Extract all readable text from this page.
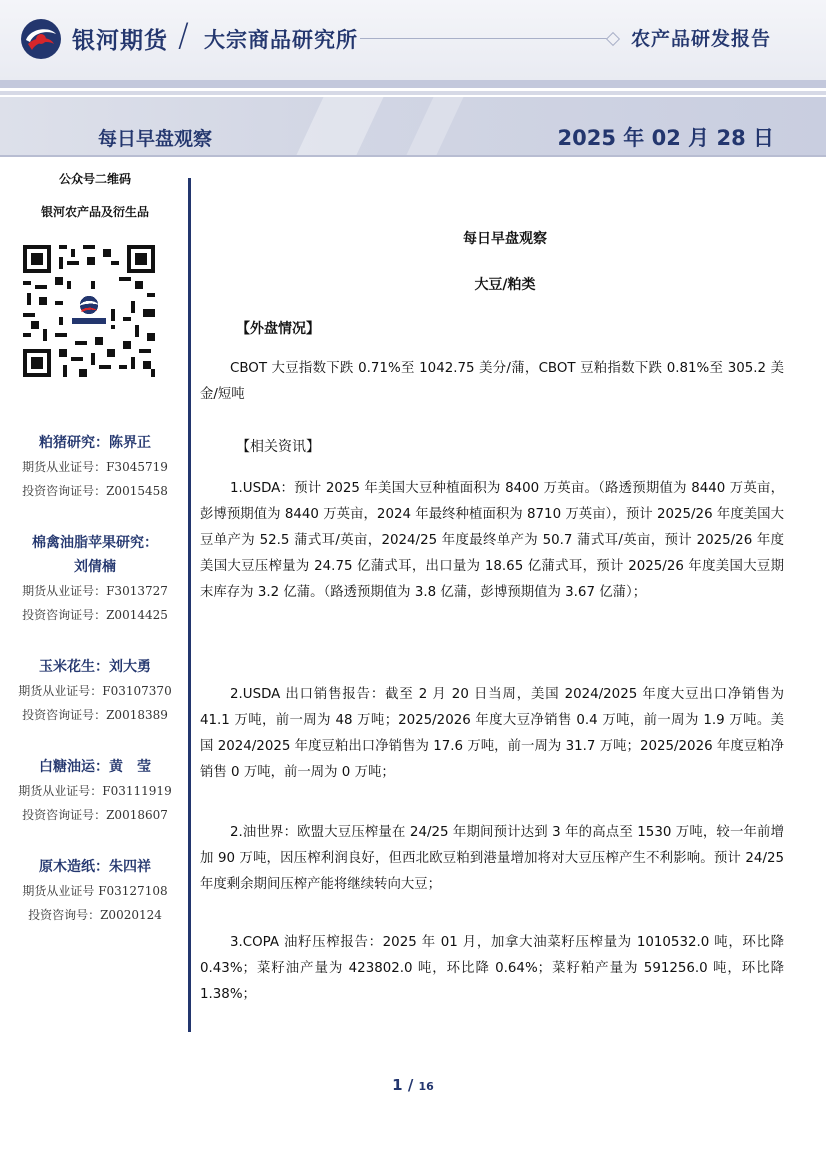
银河期货 / 大宗商品研究所	农产品研发报告
每日早盘观察	2025 年 02 月 28 日
公众号二维码
银河农产品及衍生品
粕猪研究：陈界正
期货从业证号：F3045719
投资咨询证号：Z0015458
棉禽油脂苹果研究：
刘倩楠
期货从业证号：F3013727
投资咨询证号：Z0014425
玉米花生：刘大勇
期货从业证号：F03107370
投资咨询证号：Z0018389
白糖油运：黄　莹
期货从业证号：F03111919
投资咨询证号：Z0018607
原木造纸：朱四祥
期货从业证号 F03127108
投资咨询号：Z0020124
每日早盘观察
大豆/粕类
【外盘情况】
CBOT 大豆指数下跌 0.71%至 1042.75 美分/蒲，CBOT 豆粕指数下跌 0.81%至 305.2 美金/短吨
【相关资讯】
1.USDA：预计 2025 年美国大豆种植面积为 8400 万英亩。（路透预期值为 8440 万英亩，彭博预期值为 8440 万英亩，2024 年最终种植面积为 8710 万英亩），预计 2025/26 年度美国大豆单产为 52.5 蒲式耳/英亩，2024/25 年度最终单产为 50.7 蒲式耳/英亩，预计 2025/26 年度美国大豆压榨量为 24.75 亿蒲式耳，出口量为 18.65 亿蒲式耳，预计 2025/26 年度美国大豆期末库存为 3.2 亿蒲。（路透预期值为 3.8 亿蒲，彭博预期值为 3.67 亿蒲）；
2.USDA 出口销售报告：截至 2 月 20 日当周，美国 2024/2025 年度大豆出口净销售为 41.1 万吨，前一周为 48 万吨；2025/2026 年度大豆净销售 0.4 万吨，前一周为 1.9 万吨。美国 2024/2025 年度豆粕出口净销售为 17.6 万吨，前一周为 31.7 万吨；2025/2026 年度豆粕净销售 0 万吨，前一周为 0 万吨；
2.油世界：欧盟大豆压榨量在 24/25 年期间预计达到 3 年的高点至 1530 万吨，较一年前增加 90 万吨，因压榨利润良好，但西北欧豆粕到港量增加将对大豆压榨产生不利影响。预计 24/25 年度剩余期间压榨产能将继续转向大豆；
3.COPA 油籽压榨报告：2025 年 01 月，加拿大油菜籽压榨量为 1010532.0 吨，环比降 0.43%；菜籽油产量为 423802.0 吨，环比降 0.64%；菜籽粕产量为 591256.0 吨，环比降 1.38%；
1 / 16
